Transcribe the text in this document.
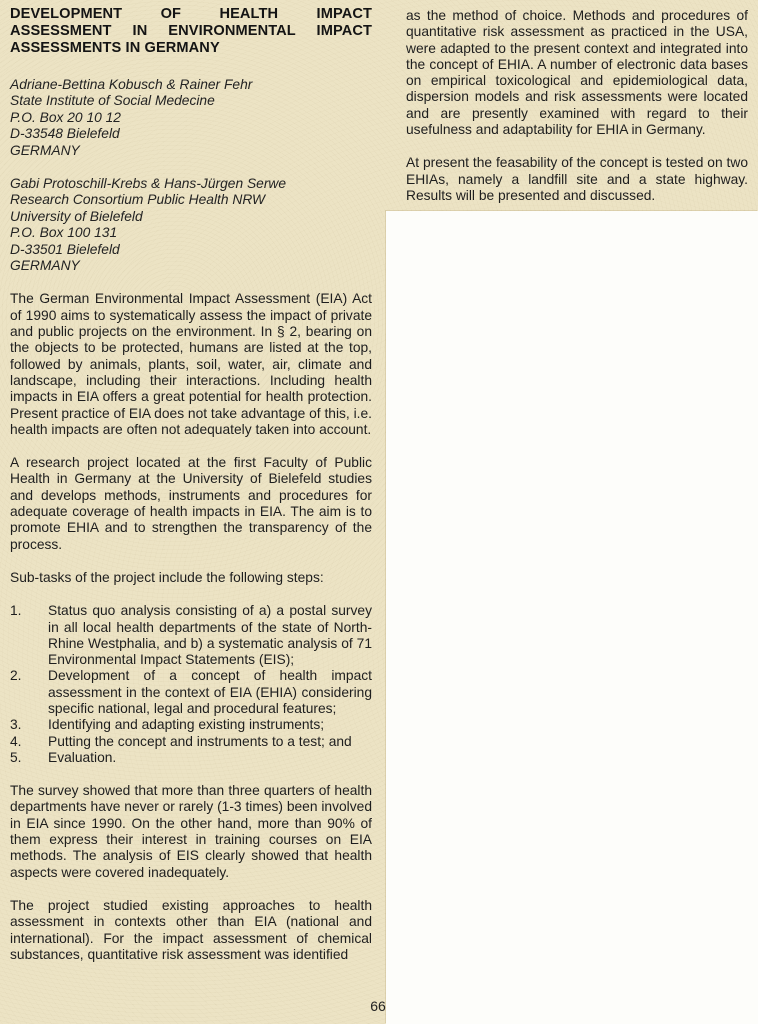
DEVELOPMENT OF HEALTH IMPACT ASSESSMENT IN ENVIRONMENTAL IMPACT ASSESSMENTS IN GERMANY
Adriane-Bettina Kobusch & Rainer Fehr
State Institute of Social Medecine
P.O. Box 20 10 12
D-33548 Bielefeld
GERMANY
Gabi Protoschill-Krebs & Hans-Jürgen Serwe
Research Consortium Public Health NRW
University of Bielefeld
P.O. Box 100 131
D-33501 Bielefeld
GERMANY

The German Environmental Impact Assessment (EIA) Act of 1990 aims to systematically assess the impact of private and public projects on the environment. In § 2, bearing on the objects to be protected, humans are listed at the top, followed by animals, plants, soil, water, air, climate and landscape, including their interactions. Including health impacts in EIA offers a great potential for health protection. Present practice of EIA does not take advantage of this, i.e. health impacts are often not adequately taken into account.

A research project located at the first Faculty of Public Health in Germany at the University of Bielefeld studies and develops methods, instruments and procedures for adequate coverage of health impacts in EIA. The aim is to promote EHIA and to strengthen the transparency of the process.

Sub-tasks of the project include the following steps:

1.	Status quo analysis consisting of a) a postal survey in all local health departments of the state of North-Rhine Westphalia, and b) a systematic analysis of 71 Environmental Impact Statements (EIS);
2.	Development of a concept of health impact assessment in the context of EIA (EHIA) considering specific national, legal and procedural features;
3.	Identifying and adapting existing instruments;
4.	Putting the concept and instruments to a test; and
5.	Evaluation.

The survey showed that more than three quarters of health departments have never or rarely (1-3 times) been involved in EIA since 1990. On the other hand, more than 90% of them express their interest in training courses on EIA methods. The analysis of EIS clearly showed that health aspects were covered inadequately.

The project studied existing approaches to health assessment in contexts other than EIA (national and international). For the impact assessment of chemical substances, quantitative risk assessment was identified

as the method of choice. Methods and procedures of quantitative risk assessment as practiced in the USA, were adapted to the present context and integrated into the concept of EHIA. A number of electronic data bases on empirical toxicological and epidemiological data, dispersion models and risk assessments were located and are presently examined with regard to their usefulness and adaptability for EHIA in Germany.

At present the feasability of the concept is tested on two EHIAs, namely a landfill site and a state highway. Results will be presented and discussed.

66
